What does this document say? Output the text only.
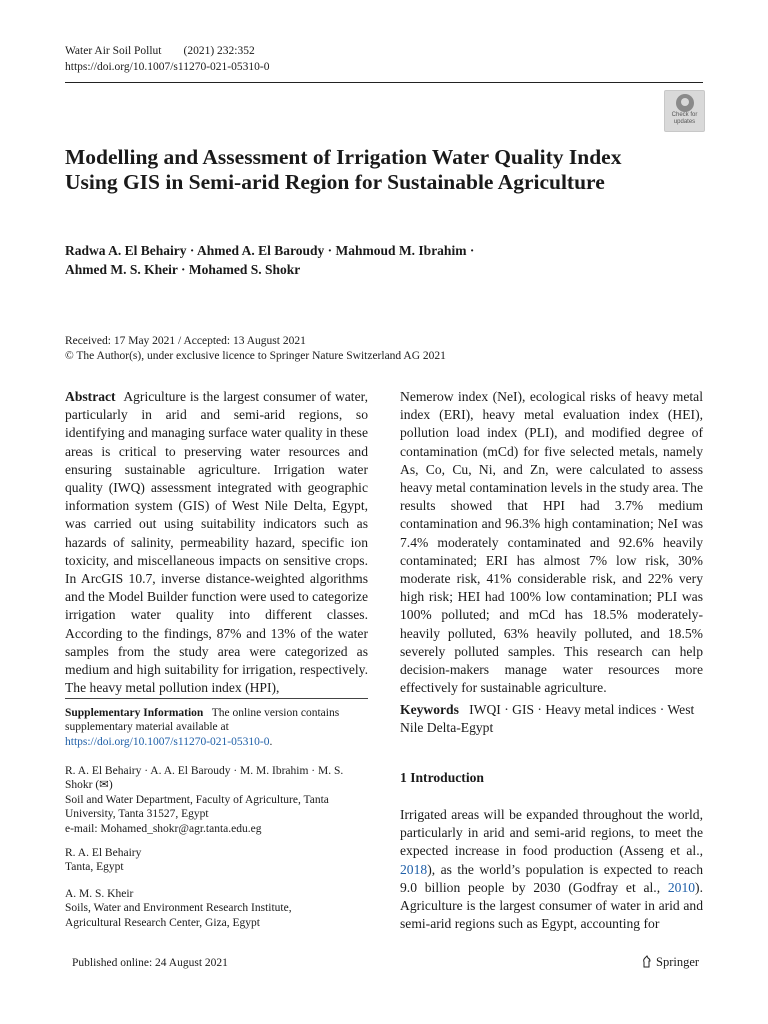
Water Air Soil Pollut (2021) 232:352
https://doi.org/10.1007/s11270-021-05310-0
Check for
updates
Modelling and Assessment of Irrigation Water Quality Index Using GIS in Semi-arid Region for Sustainable Agriculture
Radwa A. El Behairy · Ahmed A. El Baroudy · Mahmoud M. Ibrahim ·
Ahmed M. S. Kheir · Mohamed S. Shokr
Received: 17 May 2021 / Accepted: 13 August 2021
© The Author(s), under exclusive licence to Springer Nature Switzerland AG 2021
Abstract Agriculture is the largest consumer of water, particularly in arid and semi-arid regions, so identifying and managing surface water quality in these areas is critical to preserving water resources and ensuring sustainable agriculture. Irrigation water quality (IWQ) assessment integrated with geographic information system (GIS) of West Nile Delta, Egypt, was carried out using suitability indicators such as hazards of salinity, permeability hazard, specific ion toxicity, and miscellaneous impacts on sensitive crops. In ArcGIS 10.7, inverse distance-weighted algorithms and the Model Builder function were used to categorize irrigation water quality into different classes. According to the findings, 87% and 13% of the water samples from the study area were categorized as medium and high suitability for irrigation, respectively. The heavy metal pollution index (HPI),
Nemerow index (NeI), ecological risks of heavy metal index (ERI), heavy metal evaluation index (HEI), pollution load index (PLI), and modified degree of contamination (mCd) for five selected metals, namely As, Co, Cu, Ni, and Zn, were calculated to assess heavy metal contamination levels in the study area. The results showed that HPI had 3.7% medium contamination and 96.3% high contamination; NeI was 7.4% moderately contaminated and 92.6% heavily contaminated; ERI has almost 7% low risk, 30% moderate risk, 41% considerable risk, and 22% very high risk; HEI had 100% low contamination; PLI was 100% polluted; and mCd has 18.5% moderately-heavily polluted, 63% heavily polluted, and 18.5% severely polluted samples. This research can help decision-makers manage water resources more effectively for sustainable agriculture.
Supplementary Information The online version contains supplementary material available at https://doi.org/10.1007/s11270-021-05310-0.
R. A. El Behairy · A. A. El Baroudy · M. M. Ibrahim · M. S. Shokr (✉)
Soil and Water Department, Faculty of Agriculture, Tanta University, Tanta 31527, Egypt
e-mail: Mohamed_shokr@agr.tanta.edu.eg
R. A. El Behairy
Tanta, Egypt
A. M. S. Kheir
Soils, Water and Environment Research Institute,
Agricultural Research Center, Giza, Egypt
Keywords IWQI · GIS · Heavy metal indices · West Nile Delta-Egypt
1 Introduction
Irrigated areas will be expanded throughout the world, particularly in arid and semi-arid regions, to meet the expected increase in food production (Asseng et al., 2018), as the world’s population is expected to reach 9.0 billion people by 2030 (Godfray et al., 2010). Agriculture is the largest consumer of water in arid and semi-arid regions such as Egypt, accounting for
Published online: 24 August 2021	Springer
